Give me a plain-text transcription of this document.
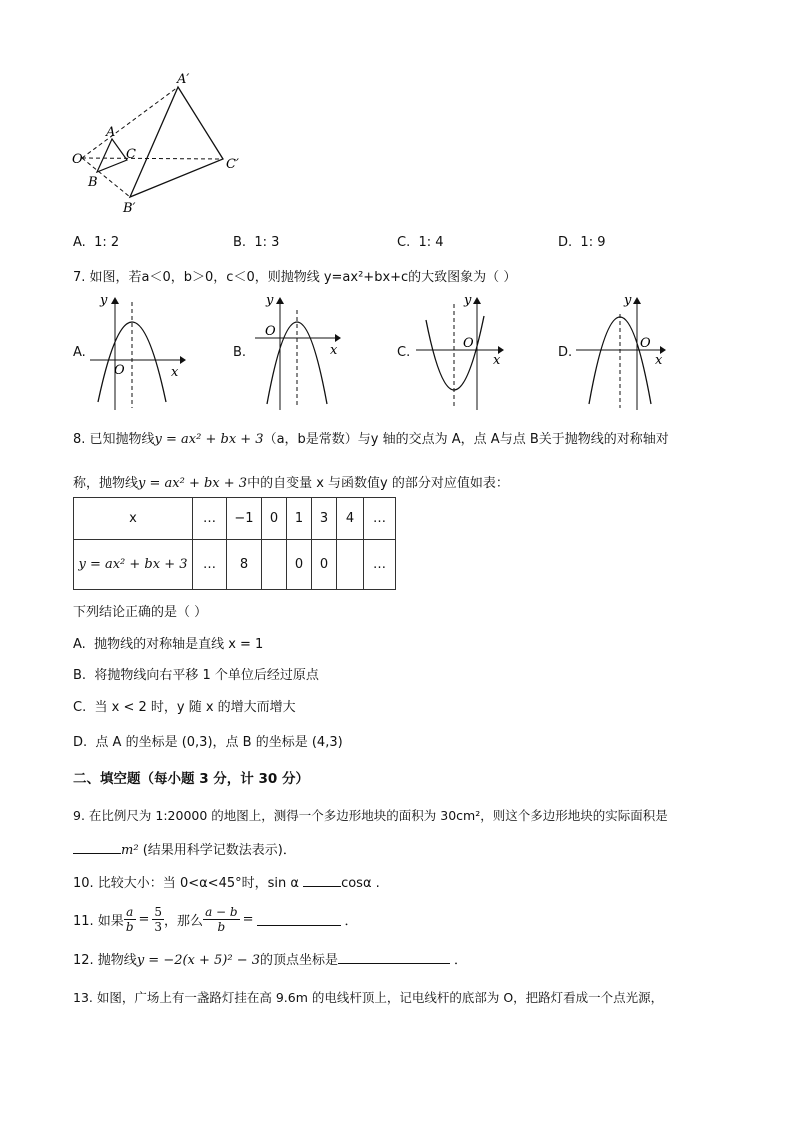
A′
A
O	C
C′
B
B′
A. 1: 2	B. 1: 3	C. 1: 4	D. 1: 9
7. 如图，若a＜0，b＞0，c＜0，则抛物线 y=ax²+bx+c的大致图象为（ ）
A.
y
x
O
B.
y
x
O
C.
y
x
O
D.
y
x
O
8. 已知抛物线y = ax² + bx + 3（a，b是常数）与y 轴的交点为 A，点 A与点 B关于抛物线的对称轴对
称，抛物线y = ax² + bx + 3中的自变量 x 与函数值y 的部分对应值如表：
x	…	−1	0	1	3	4	…
y = ax² + bx + 3	…	8		0	0		…
下列结论正确的是（ ）
A. 抛物线的对称轴是直线 x = 1
B. 将抛物线向右平移 1 个单位后经过原点
C. 当 x < 2 时，y 随 x 的增大而增大
D. 点 A 的坐标是 (0,3)，点 B 的坐标是 (4,3)
二、填空题（每小题 3 分，计 30 分）
9. 在比例尺为 1:20000 的地图上，测得一个多边形地块的面积为 30cm²，则这个多边形地块的实际面积是
m² (结果用科学记数法表示)．
10. 比较大小：当 0<α<45°时，sin α	cosα .
11. 如果 $\frac{a}{b} = \frac{5}{3}$ ，那么 $\frac{a - b}{b}$ =	．
12. 抛物线y = −2(x + 5)² − 3的顶点坐标是	．
13. 如图，广场上有一盏路灯挂在高 9.6m 的电线杆顶上，记电线杆的底部为 O，把路灯看成一个点光源，
